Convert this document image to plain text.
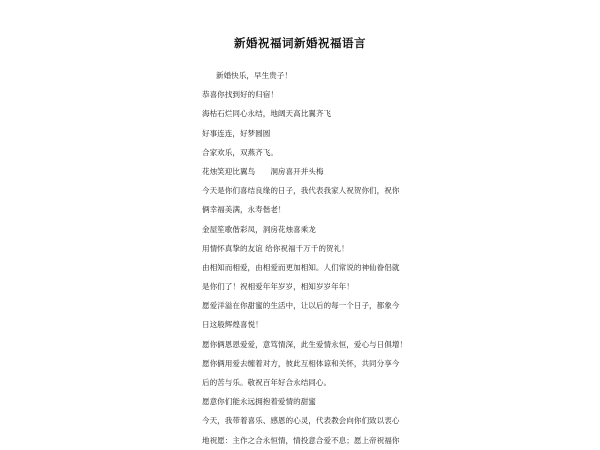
新婚祝福词新婚祝福语言
新婚快乐，早生贵子！
恭喜你找到好的归宿！
海枯石烂同心永结，地阔天高比翼齐飞
好事连连，好梦圆圆
合家欢乐，双燕齐飞。
花烛笑迎比翼鸟　　洞房喜开并头梅
今天是你们喜结良缘的日子，我代表我家人祝贺你们，祝你
俩幸福美满，永寿偕老！
金屋笙歌偕彩凤，洞房花烛喜乘龙
用情怀真挚的友谊 给你祝福千万千的贺礼！
由相知而相爱，由相爱而更加相知。人们常说的神仙眷侣就
是你们了！祝相爱年年岁岁，相知岁岁年年！
愿爱洋溢在你甜蜜的生活中，让以后的每一个日子，都象今
日这般辉煌喜悦！
愿你俩恩恩爱爱，意笃情深，此生爱情永恒，爱心与日俱增！
愿你俩用爱去缠着对方，彼此互相体谅和关怀，共同分享今
后的苦与乐。敬祝百年好合永结同心。
愿意你们能永远拥抱着爱情的甜蜜
今天，我带着喜乐、感恩的心灵，代表教会向你们致以衷心
地祝愿：主作之合永恒情，情投意合爱不息；愿上帝祝福你
